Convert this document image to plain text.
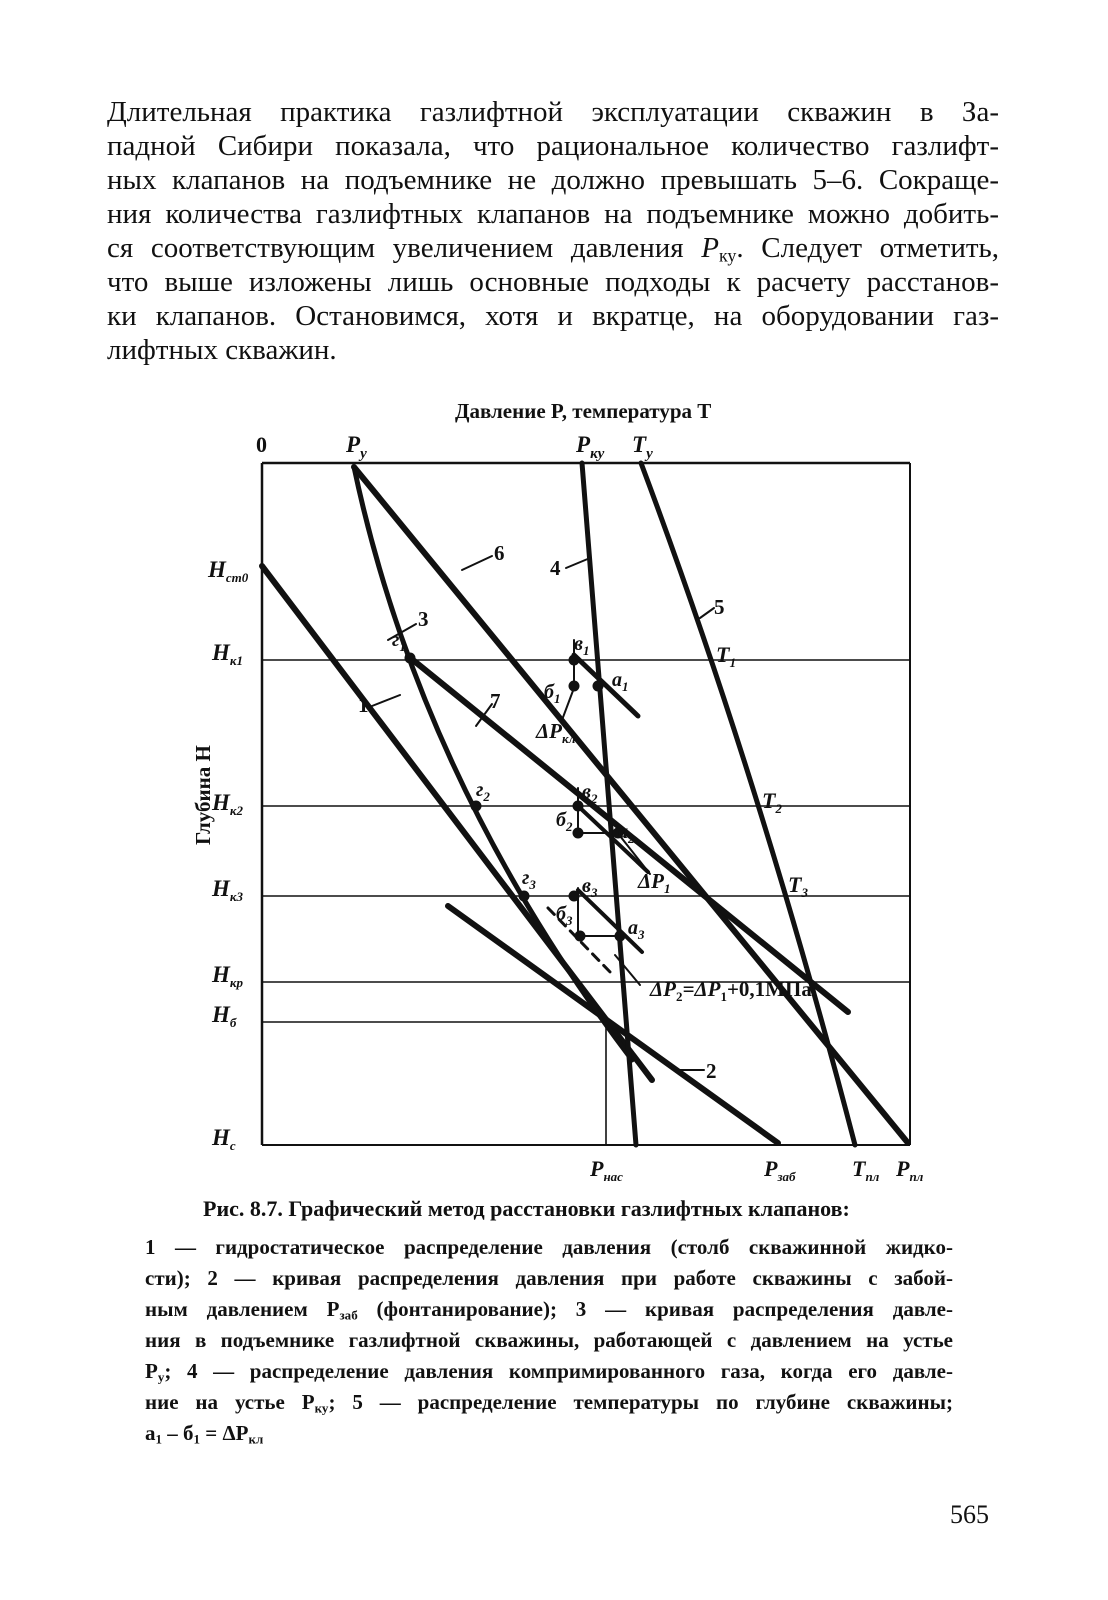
Длительная практика газлифтной эксплуатации скважин в За-
падной Сибири показала, что рациональное количество газлифт-
ных клапанов на подъемнике не должно превышать 5–6. Сокраще-
ния количества газлифтных клапанов на подъемнике можно добить-
ся соответствующим увеличением давления $P_{ку}$. Следует отметить,
что выше изложены лишь основные подходы к расчету расстанов-
ки клапанов. Остановимся, хотя и вкратце, на оборудовании газ-
лифтных скважин.

Давление P, температура T
Глубина H
0	$P_у$	$P_{ку}$ $T_у$
$P_{нас}$	$P_{заб}$	$T_{пл}$ $P_{пл}$
$H_{ст0}$
$H_{к1}$
$H_{к2}$
$H_{к3}$
$H_{кр}$
$H_б$
$H_с$
1
2
3
4
5
6
7
$T_1$
$T_2$
$T_3$
$г_1$	$в_1$
$б_1$
$а_1$
$г_2$	$в_2$
$б_2$ $а_2$
$г_3$ $в_3$
$б_3$	$а_3$
$\Delta P_{кл}$
$\Delta P_1$
$\Delta P_2=\Delta P_1+0,1МПа$

Рис. 8.7. Графический метод расстановки газлифтных клапанов:

1 — гидростатическое распределение давления (столб скважинной жидко-
сти); 2 — кривая распределения давления при работе скважины с забой-
ным давлением $P_{заб}$ (фонтанирование); 3 — кривая распределения давле-
ния в подъемнике газлифтной скважины, работающей с давлением на устье
$P_у$; 4 — распределение давления компримированного газа, когда его давле-
ние на устье $P_{ку}$; 5 — распределение температуры по глубине скважины;
$а_1 - б_1 = \Delta P_{кл}$

565
